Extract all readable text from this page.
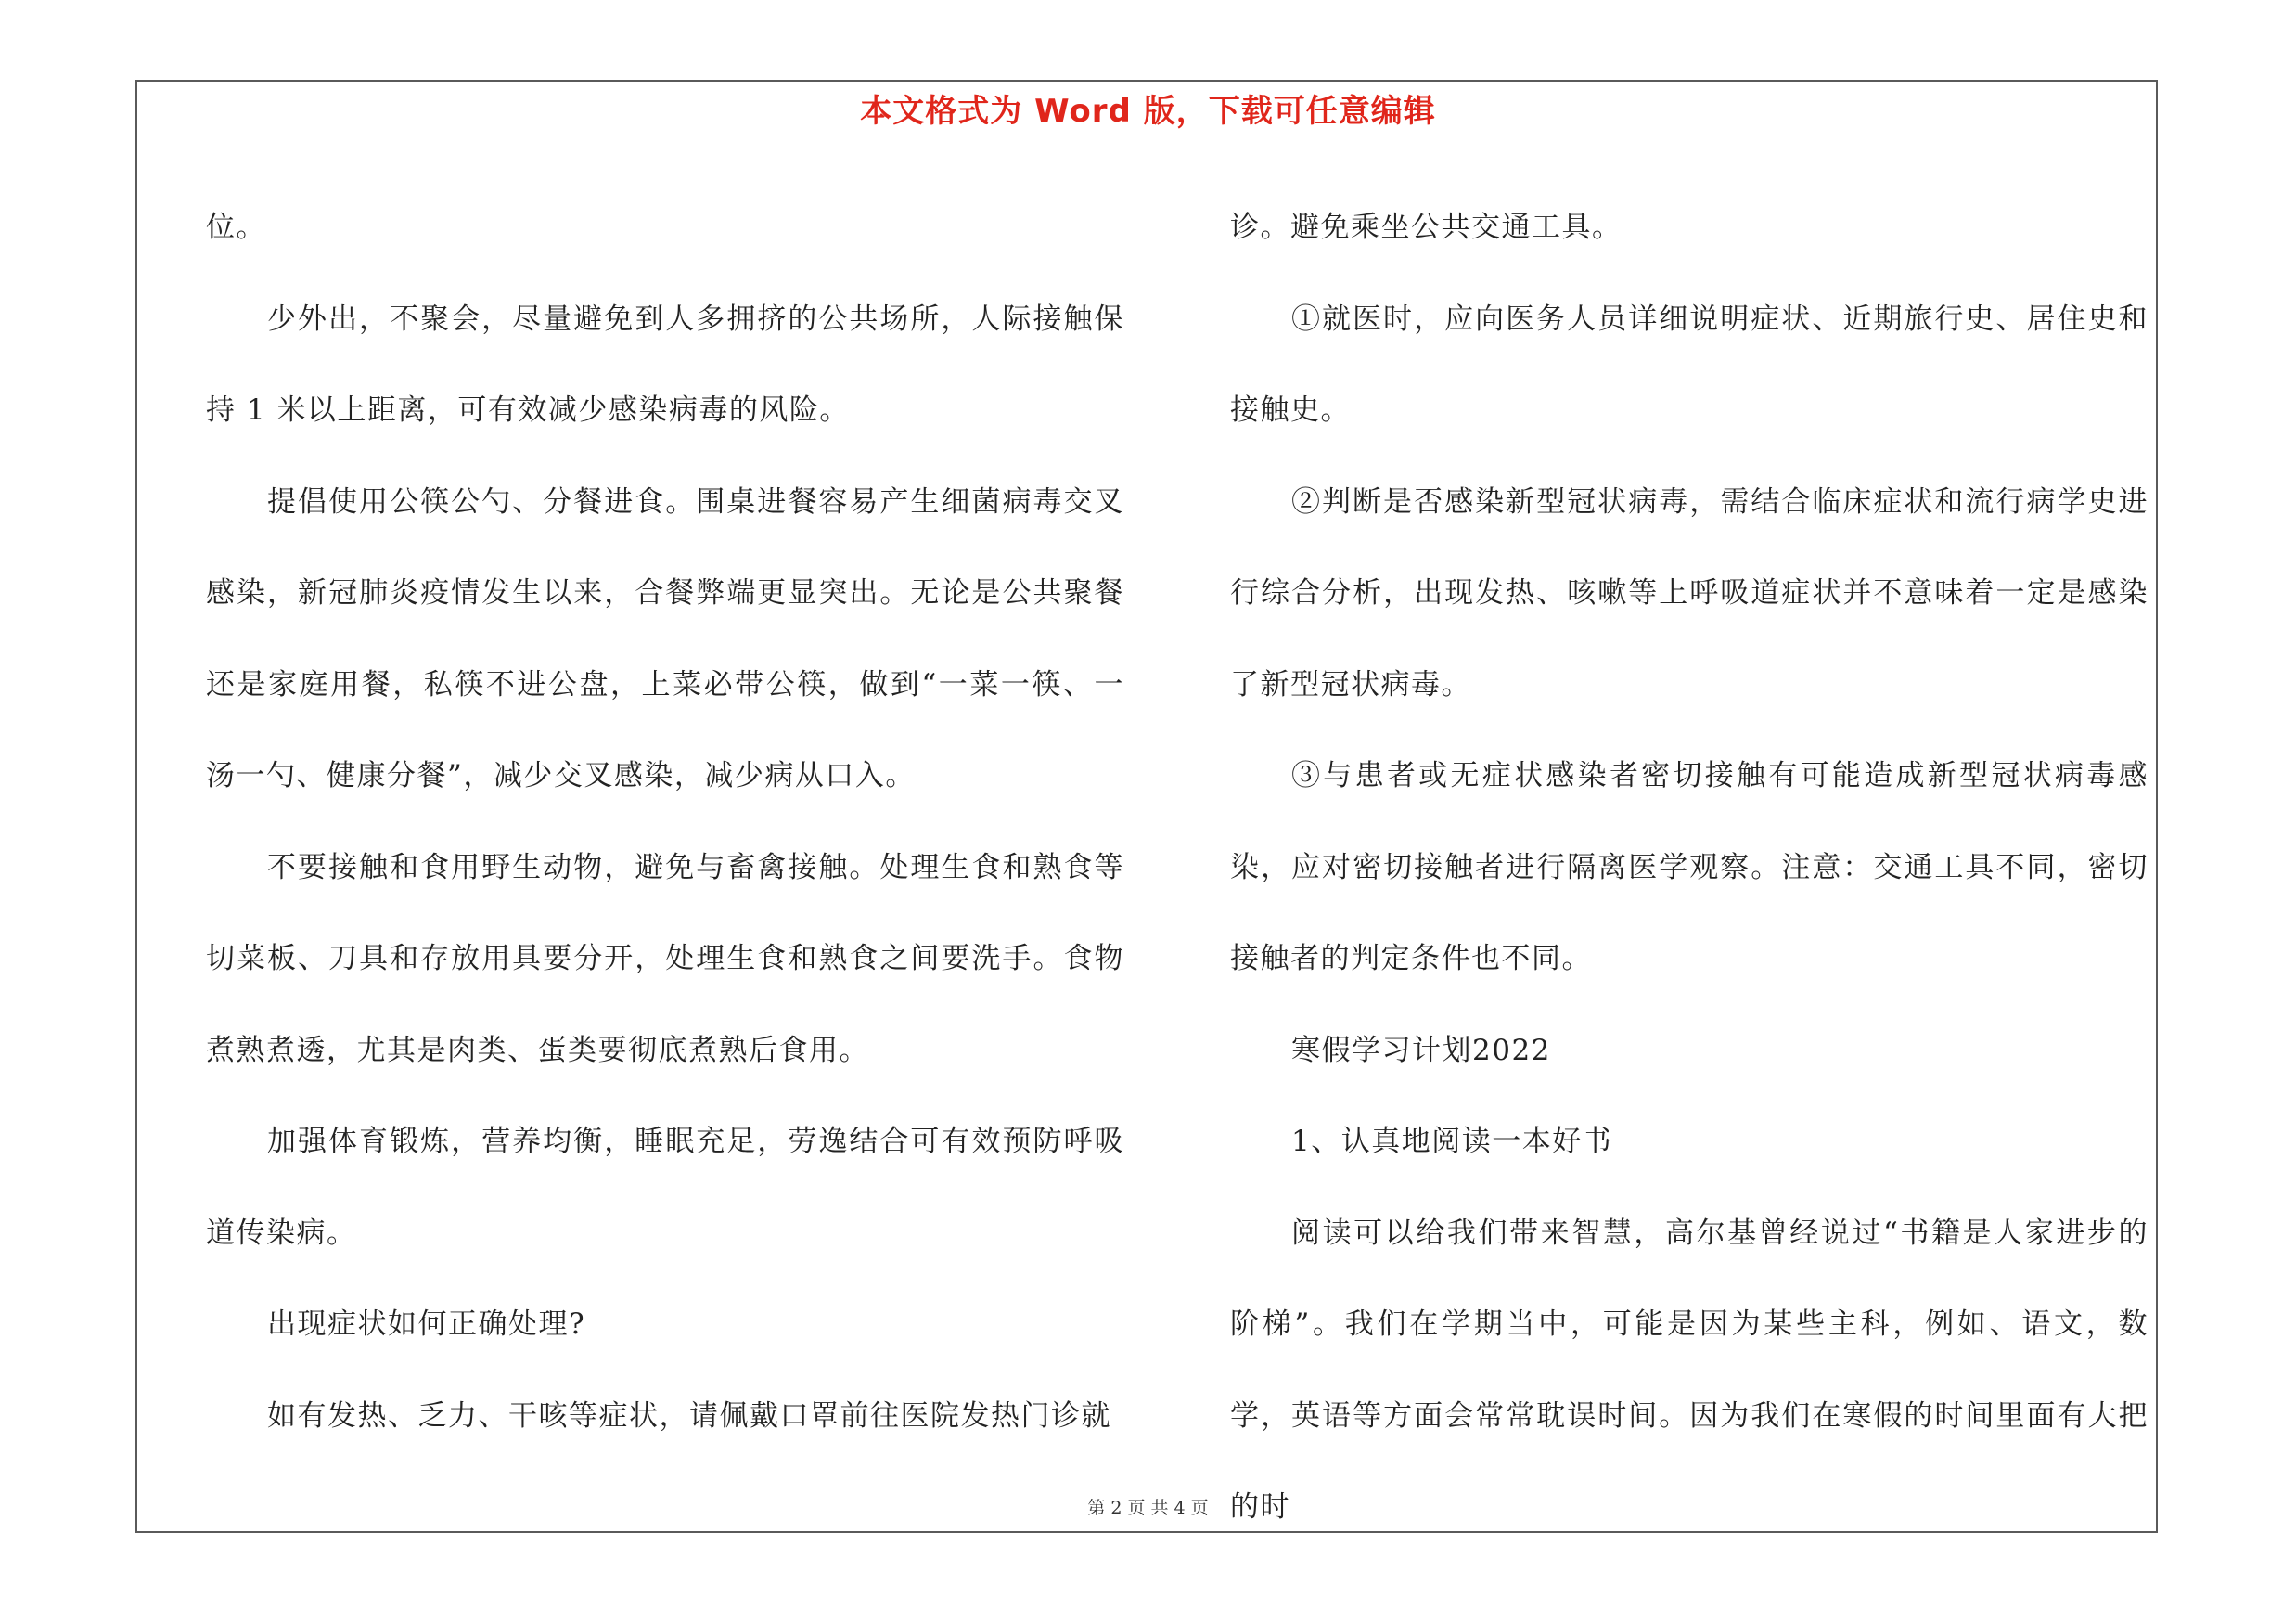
本文格式为 Word 版，下载可任意编辑

位。

少外出，不聚会，尽量避免到人多拥挤的公共场所，人际接触保持 1 米以上距离，可有效减少感染病毒的风险。

提倡使用公筷公勺、分餐进食。围桌进餐容易产生细菌病毒交叉感染，新冠肺炎疫情发生以来，合餐弊端更显突出。无论是公共聚餐还是家庭用餐，私筷不进公盘，上菜必带公筷，做到“一菜一筷、一汤一勺、健康分餐”，减少交叉感染，减少病从口入。

不要接触和食用野生动物，避免与畜禽接触。处理生食和熟食等切菜板、刀具和存放用具要分开，处理生食和熟食之间要洗手。食物煮熟煮透，尤其是肉类、蛋类要彻底煮熟后食用。

加强体育锻炼，营养均衡，睡眠充足，劳逸结合可有效预防呼吸道传染病。

出现症状如何正确处理?

如有发热、乏力、干咳等症状，请佩戴口罩前往医院发热门诊就

诊。避免乘坐公共交通工具。

①就医时，应向医务人员详细说明症状、近期旅行史、居住史和接触史。

②判断是否感染新型冠状病毒，需结合临床症状和流行病学史进行综合分析，出现发热、咳嗽等上呼吸道症状并不意味着一定是感染了新型冠状病毒。

③与患者或无症状感染者密切接触有可能造成新型冠状病毒感染，应对密切接触者进行隔离医学观察。注意：交通工具不同，密切接触者的判定条件也不同。

寒假学习计划2022

1、认真地阅读一本好书

阅读可以给我们带来智慧，高尔基曾经说过“书籍是人家进步的阶梯”。我们在学期当中，可能是因为某些主科，例如、语文，数学，英语等方面会常常耽误时间。因为我们在寒假的时间里面有大把的时

第 2 页 共 4 页
